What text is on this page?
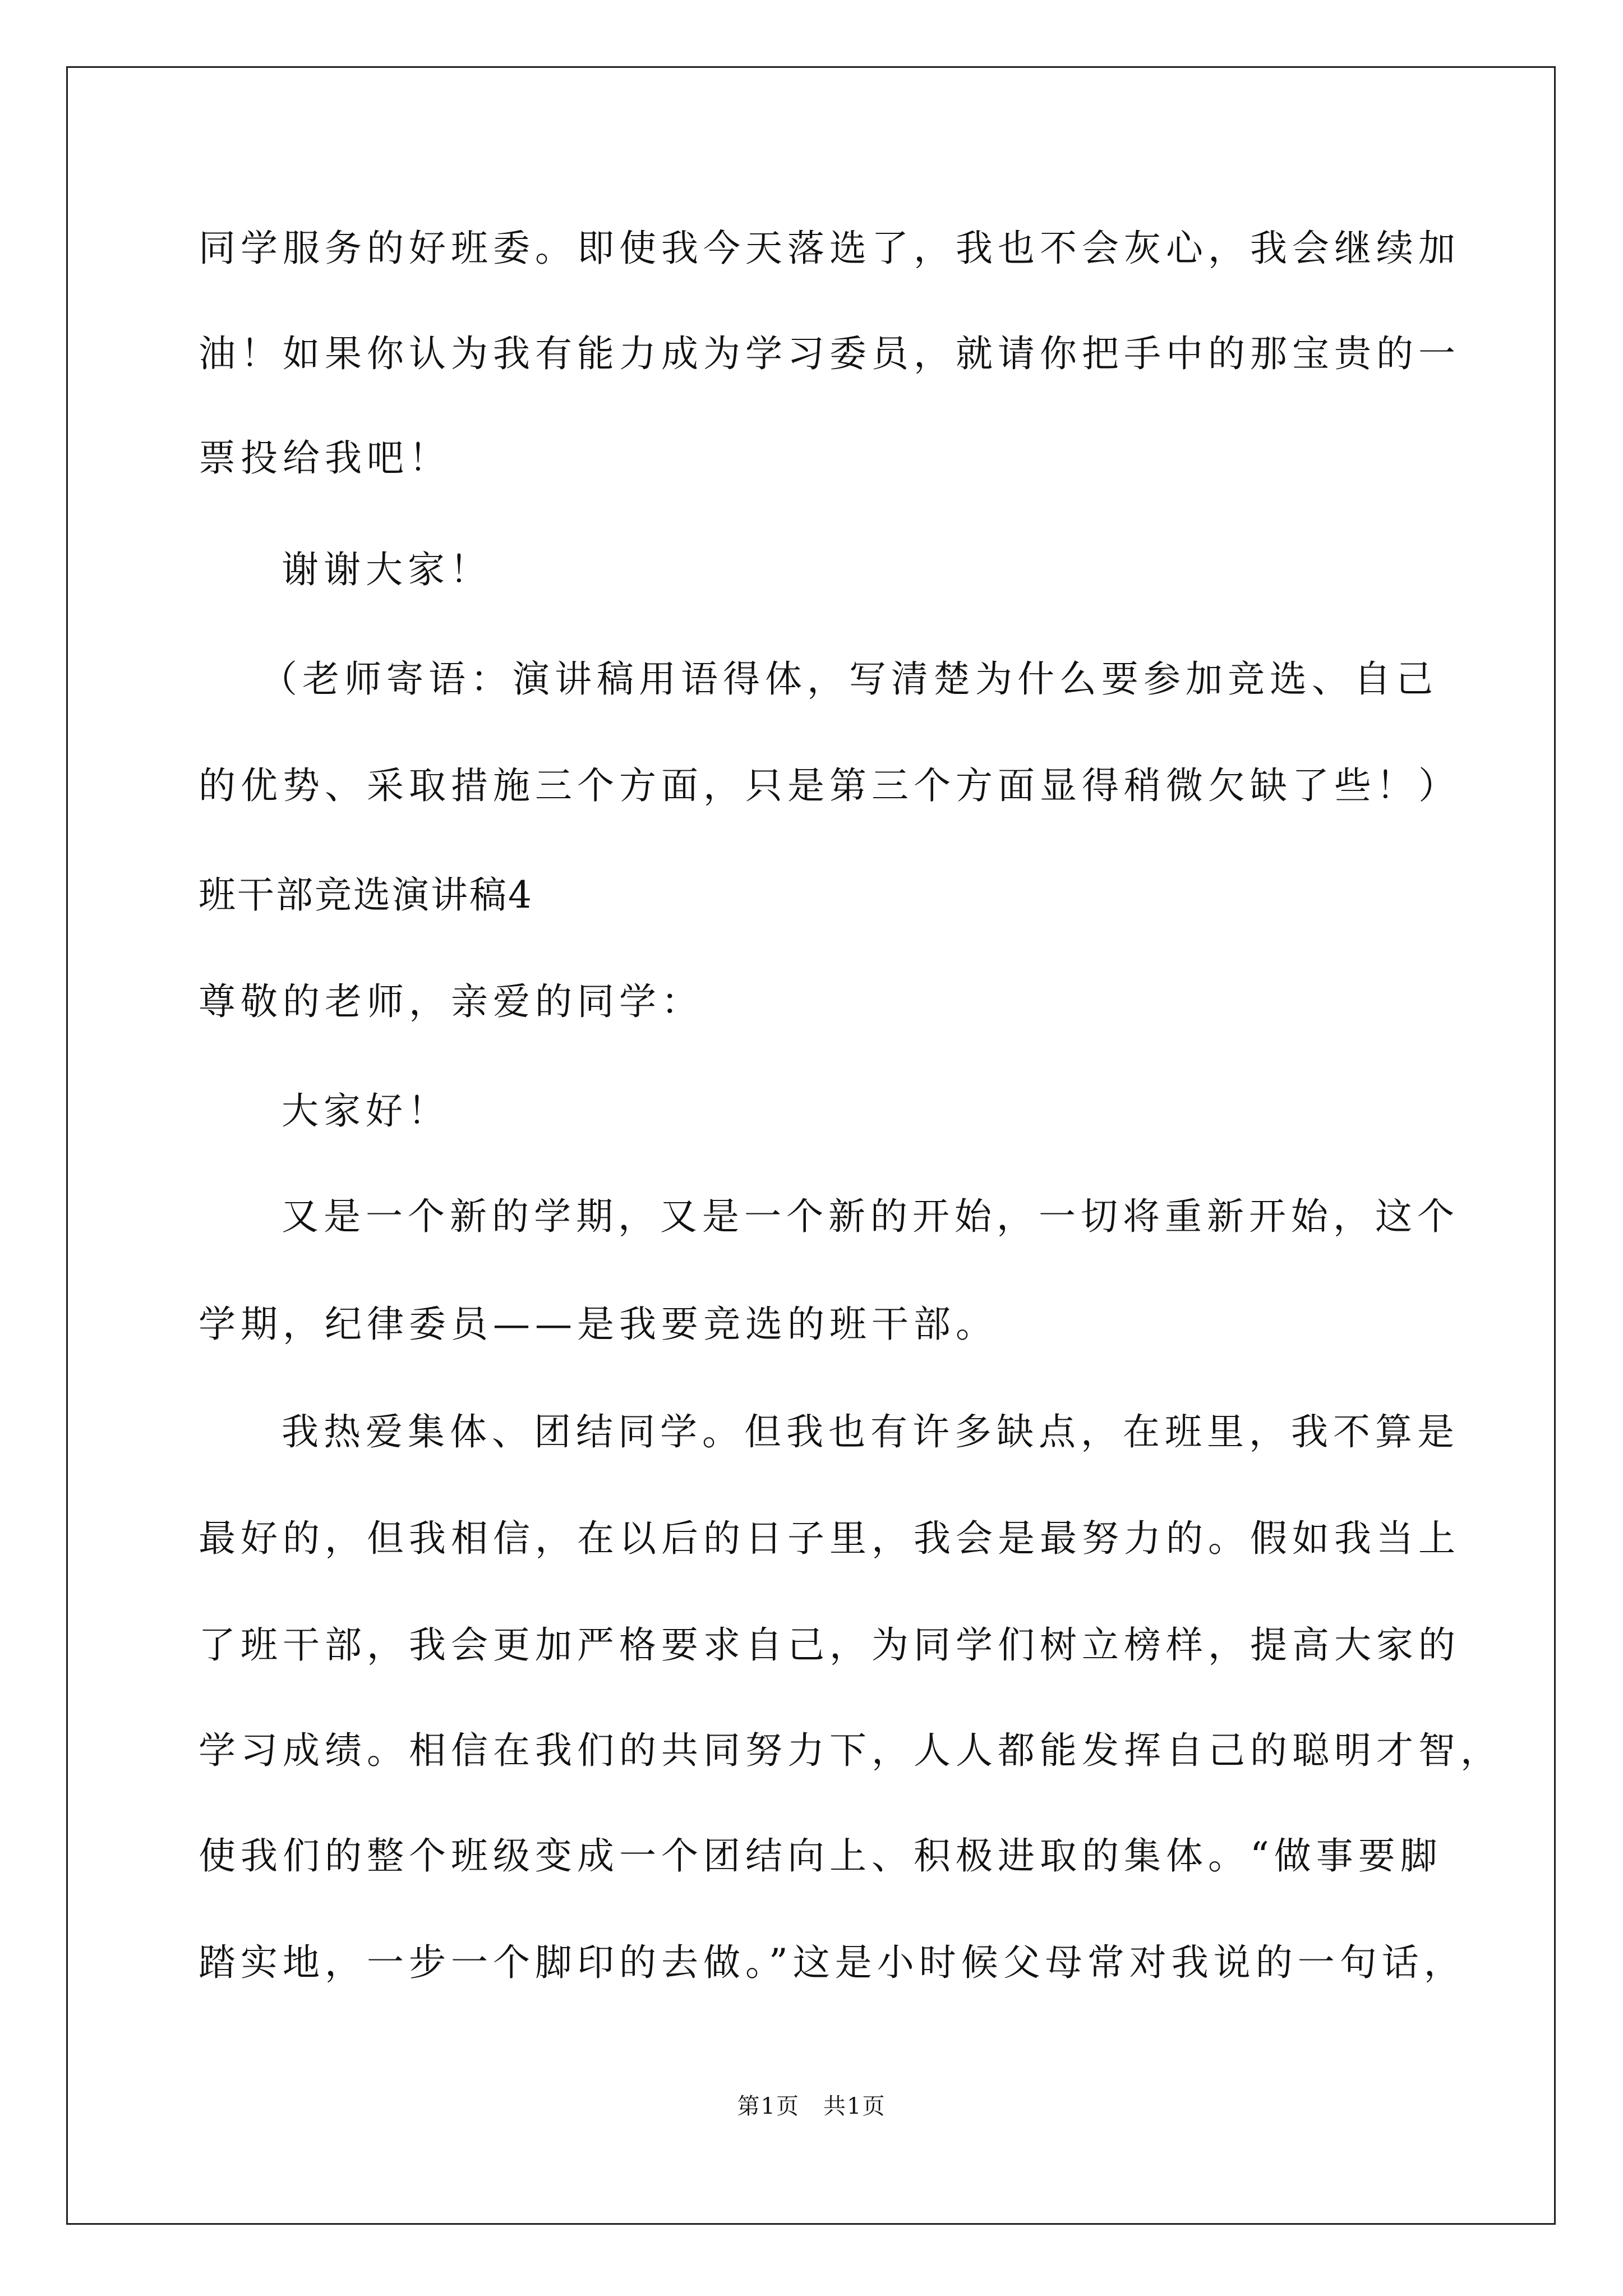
同学服务的好班委。即使我今天落选了，我也不会灰心，我会继续加
油！如果你认为我有能力成为学习委员，就请你把手中的那宝贵的一
票投给我吧！
谢谢大家！
（老师寄语：演讲稿用语得体，写清楚为什么要参加竞选、自己
的优势、采取措施三个方面，只是第三个方面显得稍微欠缺了些！）
班干部竞选演讲稿4
尊敬的老师，亲爱的同学：
大家好！
又是一个新的学期，又是一个新的开始，一切将重新开始，这个
学期，纪律委员——是我要竞选的班干部。
我热爱集体、团结同学。但我也有许多缺点，在班里，我不算是
最好的，但我相信，在以后的日子里，我会是最努力的。假如我当上
了班干部，我会更加严格要求自己，为同学们树立榜样，提高大家的
学习成绩。相信在我们的共同努力下，人人都能发挥自己的聪明才智，
使我们的整个班级变成一个团结向上、积极进取的集体。“做事要脚
踏实地，一步一个脚印的去做。”这是小时候父母常对我说的一句话，
第1页　共1页
